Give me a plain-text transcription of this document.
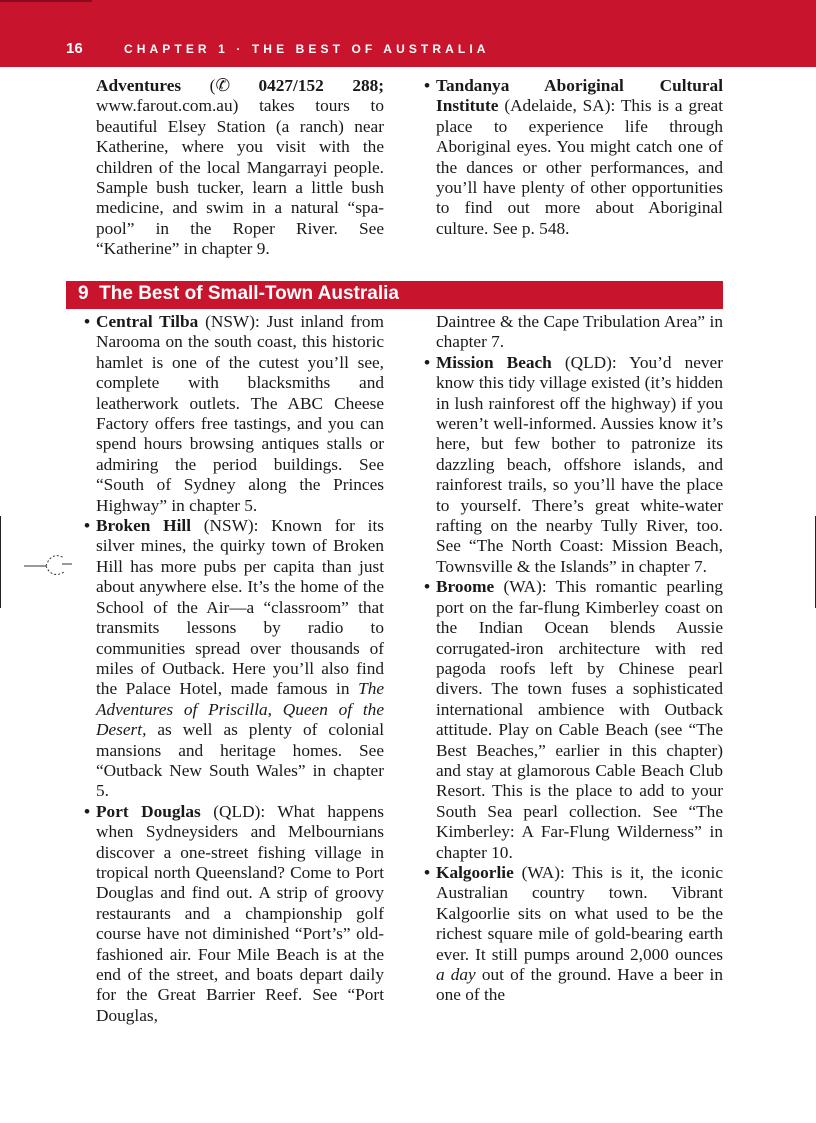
16	CHAPTER 1 · THE BEST OF AUSTRALIA

Adventures (✆ 0427/152 288; www.farout.com.au) takes tours to beautiful Elsey Station (a ranch) near Katherine, where you visit with the children of the local Mangarrayi people. Sample bush tucker, learn a little bush medicine, and swim in a natural “spa-pool” in the Roper River. See “Katherine” in chapter 9.

• Tandanya Aboriginal Cultural Institute (Adelaide, SA): This is a great place to experience life through Aboriginal eyes. You might catch one of the dances or other performances, and you’ll have plenty of other opportunities to find out more about Aboriginal culture. See p. 548.

9 The Best of Small-Town Australia

• Central Tilba (NSW): Just inland from Narooma on the south coast, this historic hamlet is one of the cutest you’ll see, complete with blacksmiths and leatherwork outlets. The ABC Cheese Factory offers free tastings, and you can spend hours browsing antiques stalls or admiring the period buildings. See “South of Sydney along the Princes Highway” in chapter 5.

• Broken Hill (NSW): Known for its silver mines, the quirky town of Broken Hill has more pubs per capita than just about anywhere else. It’s the home of the School of the Air—a “classroom” that transmits lessons by radio to communities spread over thousands of miles of Outback. Here you’ll also find the Palace Hotel, made famous in The Adventures of Priscilla, Queen of the Desert, as well as plenty of colonial mansions and heritage homes. See “Outback New South Wales” in chapter 5.

• Port Douglas (QLD): What happens when Sydneysiders and Melbournians discover a one-street fishing village in tropical north Queensland? Come to Port Douglas and find out. A strip of groovy restaurants and a championship golf course have not diminished “Port’s” old-fashioned air. Four Mile Beach is at the end of the street, and boats depart daily for the Great Barrier Reef. See “Port Douglas,

Daintree & the Cape Tribulation Area” in chapter 7.

• Mission Beach (QLD): You’d never know this tidy village existed (it’s hidden in lush rainforest off the highway) if you weren’t well-informed. Aussies know it’s here, but few bother to patronize its dazzling beach, offshore islands, and rainforest trails, so you’ll have the place to yourself. There’s great white-water rafting on the nearby Tully River, too. See “The North Coast: Mission Beach, Townsville & the Islands” in chapter 7.

• Broome (WA): This romantic pearling port on the far-flung Kimberley coast on the Indian Ocean blends Aussie corrugated-iron architecture with red pagoda roofs left by Chinese pearl divers. The town fuses a sophisticated international ambience with Outback attitude. Play on Cable Beach (see “The Best Beaches,” earlier in this chapter) and stay at glamorous Cable Beach Club Resort. This is the place to add to your South Sea pearl collection. See “The Kimberley: A Far-Flung Wilderness” in chapter 10.

• Kalgoorlie (WA): This is it, the iconic Australian country town. Vibrant Kalgoorlie sits on what used to be the richest square mile of gold-bearing earth ever. It still pumps around 2,000 ounces a day out of the ground. Have a beer in one of the
